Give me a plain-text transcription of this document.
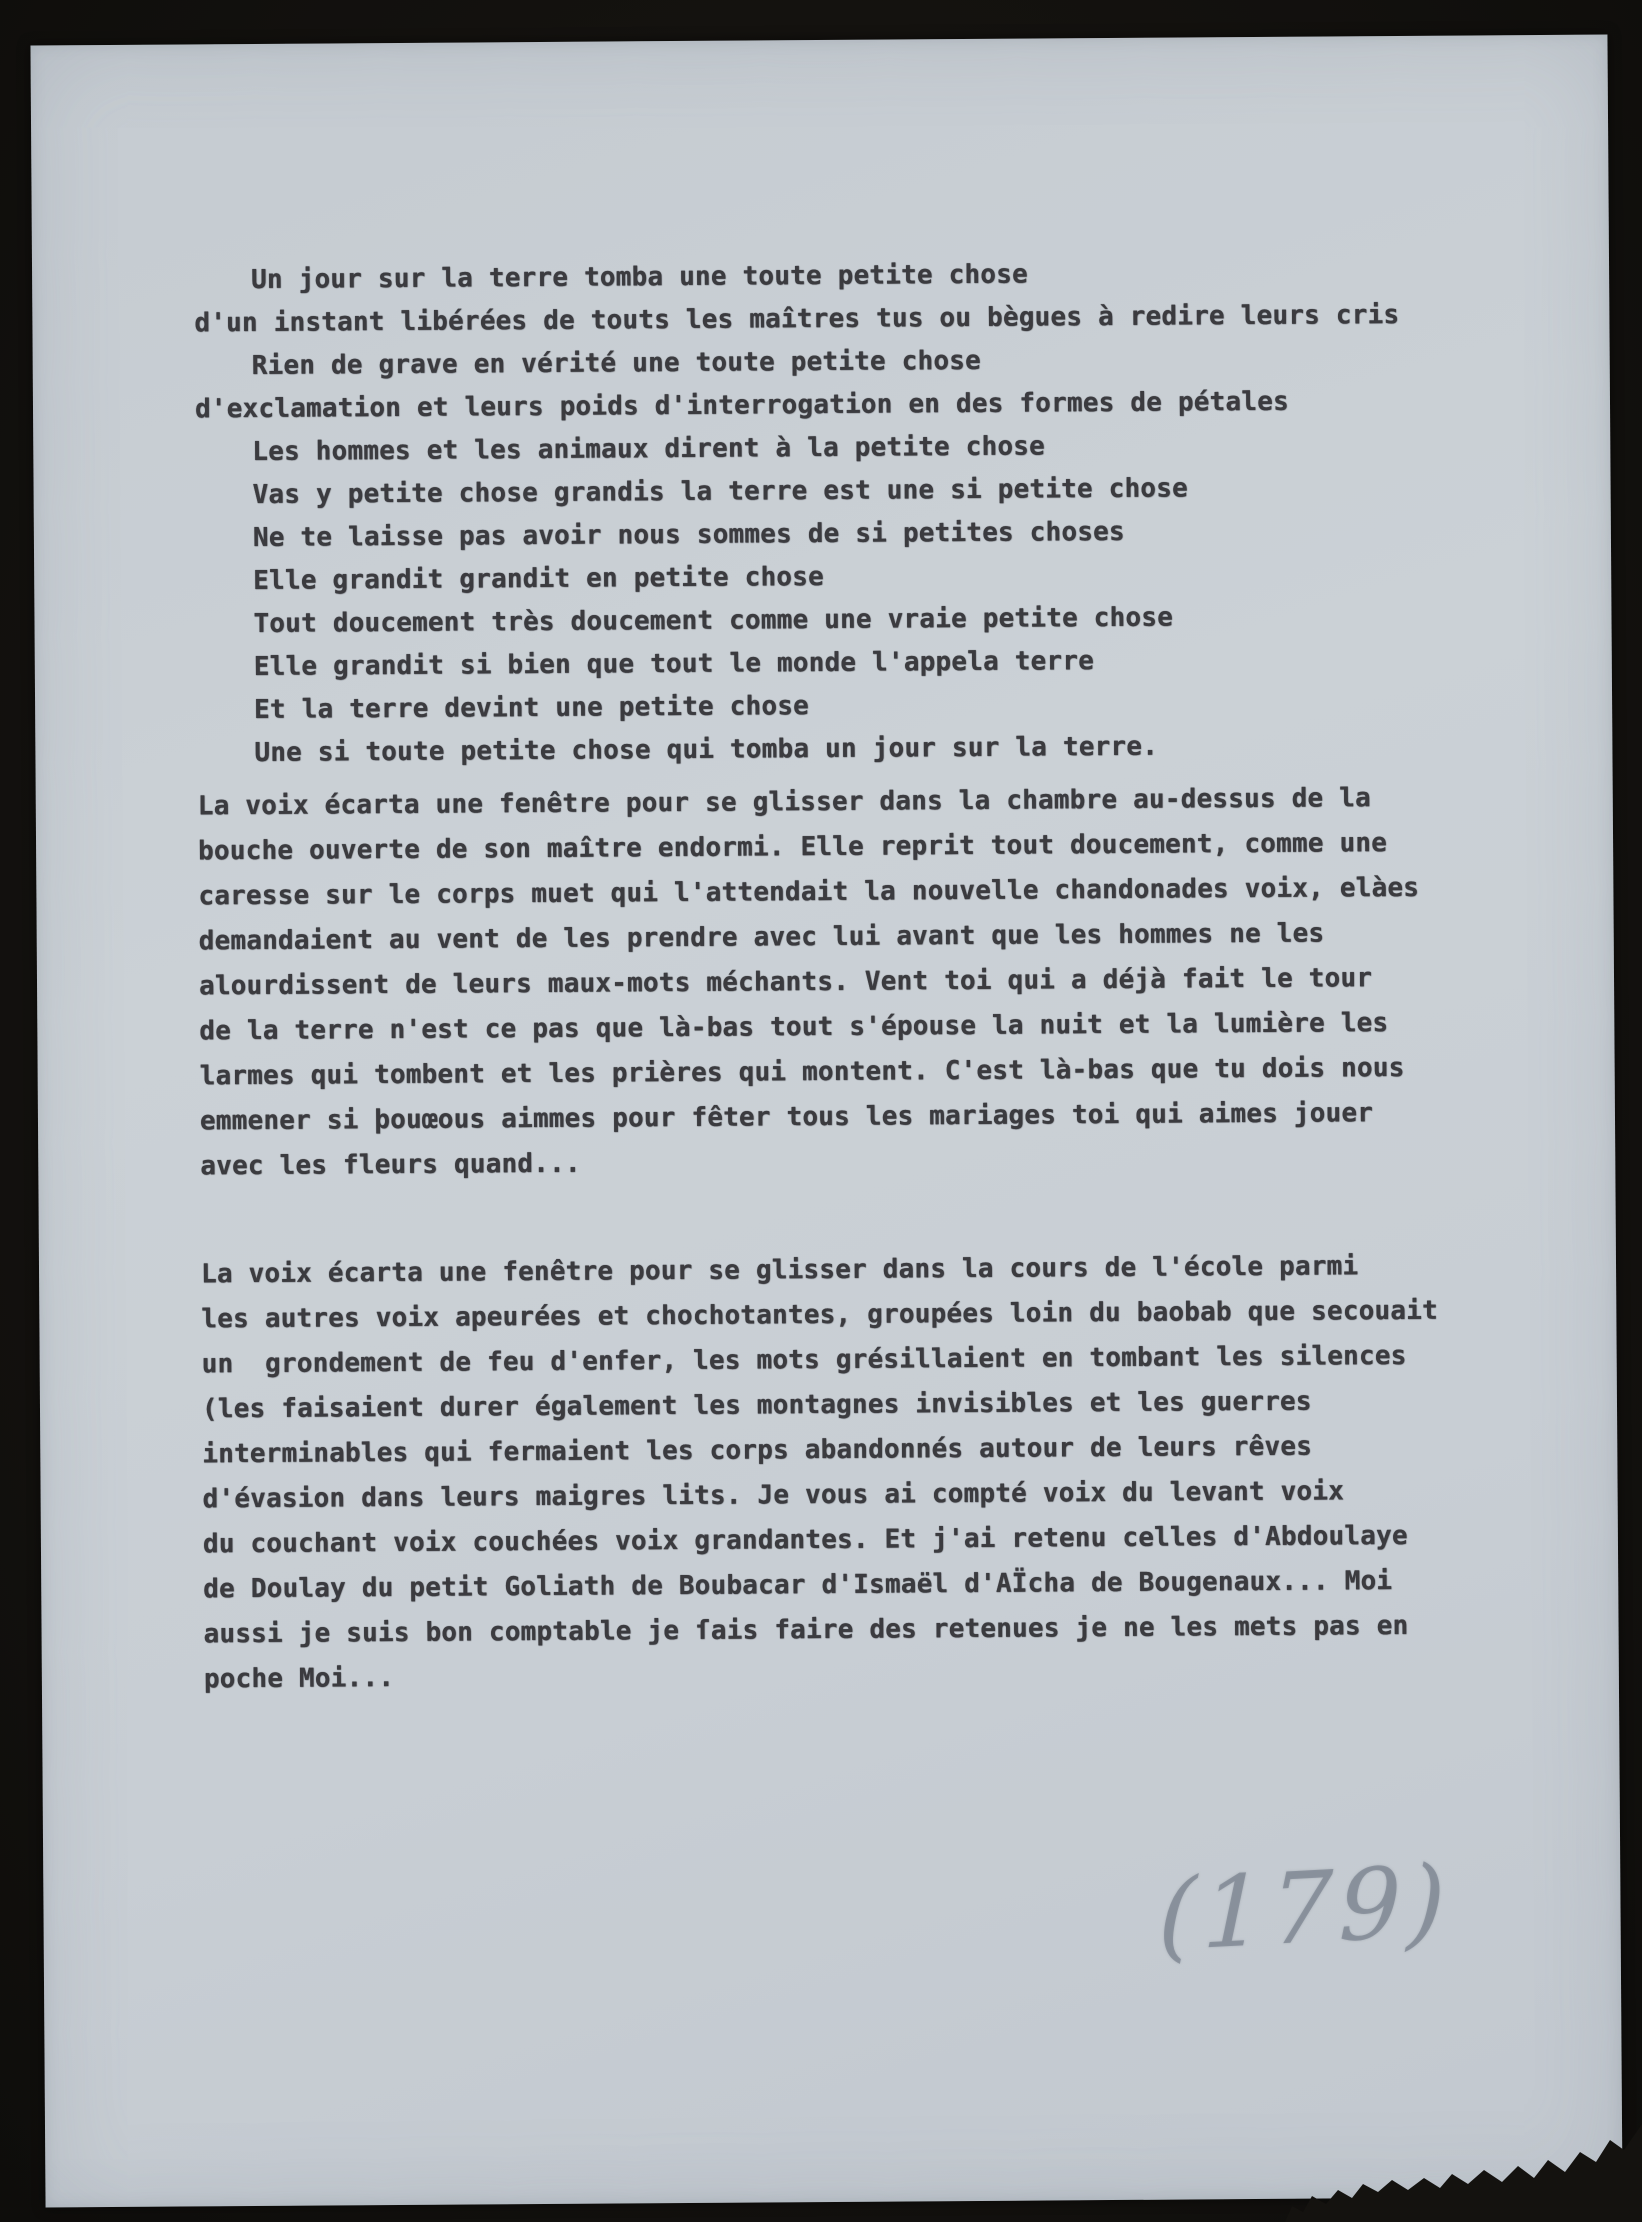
Un jour sur la terre tomba une toute petite chose
d'un instant libérées de touts les maîtres tus ou bègues à redire leurs cris
Rien de grave en vérité une toute petite chose
d'exclamation et leurs poids d'interrogation en des formes de pétales
Les hommes et les animaux dirent à la petite chose
Vas y petite chose grandis la terre est une si petite chose
Ne te laisse pas avoir nous sommes de si petites choses
Elle grandit grandit en petite chose
Tout doucement très doucement comme une vraie petite chose
Elle grandit si bien que tout le monde l'appela terre
Et la terre devint une petite chose
Une si toute petite chose qui tomba un jour sur la terre.
La voix écarta une fenêtre pour se glisser dans la chambre au-dessus de la
bouche ouverte de son maître endormi. Elle reprit tout doucement, comme une
caresse sur le corps muet qui l'attendait la nouvelle chandonades voix, elàes
demandaient au vent de les prendre avec lui avant que les hommes ne les
alourdissent de leurs maux-mots méchants. Vent toi qui a déjà fait le tour
de la terre n'est ce pas que là-bas tout s'épouse la nuit et la lumière les
larmes qui tombent et les prières qui montent. C'est là-bas que tu dois nous
emmener si þouœous aimmes pour fêter tous les mariages toi qui aimes jouer
avec les fleurs quand...
La voix écarta une fenêtre pour se glisser dans la cours de l'école parmi
les autres voix apeurées et chochotantes, groupées loin du baobab que secouait
un  grondement de feu d'enfer, les mots grésillaient en tombant les silences
(les faisaient durer également les montagnes invisibles et les guerres
interminables qui fermaient les corps abandonnés autour de leurs rêves
d'évasion dans leurs maigres lits. Je vous ai compté voix du levant voix
du couchant voix couchées voix grandantes. Et j'ai retenu celles d'Abdoulaye
de Doulay du petit Goliath de Boubacar d'Ismaël d'AÏcha de Bougenaux... Moi
aussi je suis bon comptable je ſais faire des retenues je ne les mets pas en
poche Moi...
(179)
